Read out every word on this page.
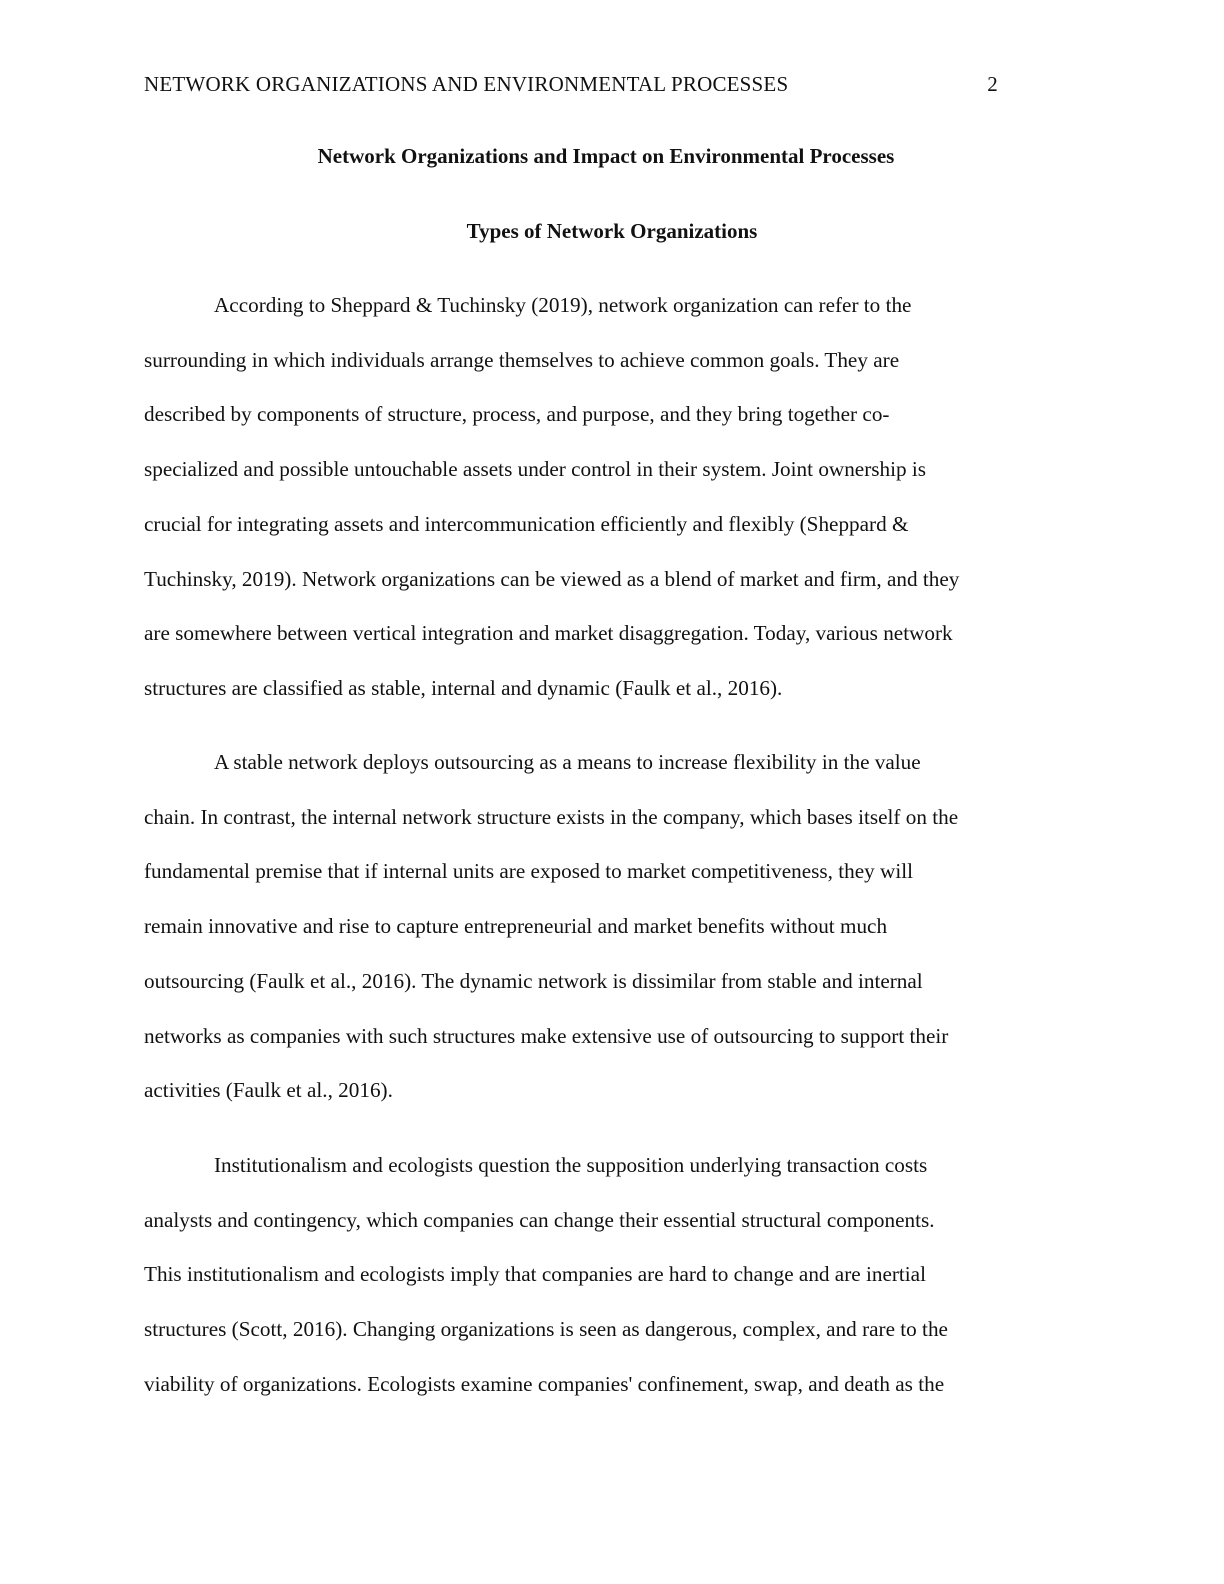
NETWORK ORGANIZATIONS AND ENVIRONMENTAL PROCESSES	2
Network Organizations and Impact on Environmental Processes
Types of Network Organizations
According to Sheppard & Tuchinsky (2019), network organization can refer to the
surrounding in which individuals arrange themselves to achieve common goals. They are
described by components of structure, process, and purpose, and they bring together co-
specialized and possible untouchable assets under control in their system. Joint ownership is
crucial for integrating assets and intercommunication efficiently and flexibly (Sheppard &
Tuchinsky, 2019). Network organizations can be viewed as a blend of market and firm, and they
are somewhere between vertical integration and market disaggregation. Today, various network
structures are classified as stable, internal and dynamic (Faulk et al., 2016).
A stable network deploys outsourcing as a means to increase flexibility in the value
chain. In contrast, the internal network structure exists in the company, which bases itself on the
fundamental premise that if internal units are exposed to market competitiveness, they will
remain innovative and rise to capture entrepreneurial and market benefits without much
outsourcing (Faulk et al., 2016). The dynamic network is dissimilar from stable and internal
networks as companies with such structures make extensive use of outsourcing to support their
activities (Faulk et al., 2016).
Institutionalism and ecologists question the supposition underlying transaction costs
analysts and contingency, which companies can change their essential structural components.
This institutionalism and ecologists imply that companies are hard to change and are inertial
structures (Scott, 2016). Changing organizations is seen as dangerous, complex, and rare to the
viability of organizations. Ecologists examine companies' confinement, swap, and death as the
